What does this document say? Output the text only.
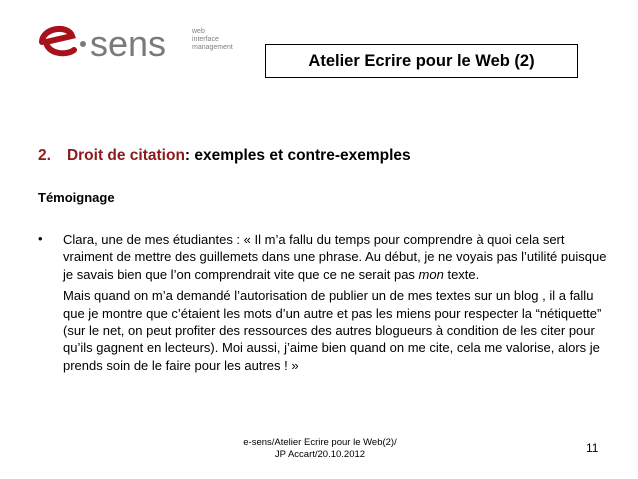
sens	web
interface
management
Atelier Ecrire pour le Web (2)
2. Droit de citation: exemples et contre-exemples
Témoignage
• Clara, une de mes étudiantes : « Il m’a fallu du temps pour comprendre à quoi cela sert vraiment de mettre des guillemets dans une phrase. Au début, je ne voyais pas l’utilité puisque je savais bien que l’on comprendrait vite que ce ne serait pas mon texte.

Mais quand on m’a demandé l’autorisation de publier un de mes textes sur un blog , il a fallu que je montre que c’étaient les mots d’un autre et pas les miens pour respecter la “nétiquette” (sur le net, on peut profiter des ressources des autres blogueurs à condition de les citer pour qu’ils gagnent en lecteurs). Moi aussi, j’aime bien quand on me cite, cela me valorise, alors je prends soin de le faire pour les autres ! »

e-sens/Atelier Ecrire pour le Web(2)/
JP Accart/20.10.2012	11
